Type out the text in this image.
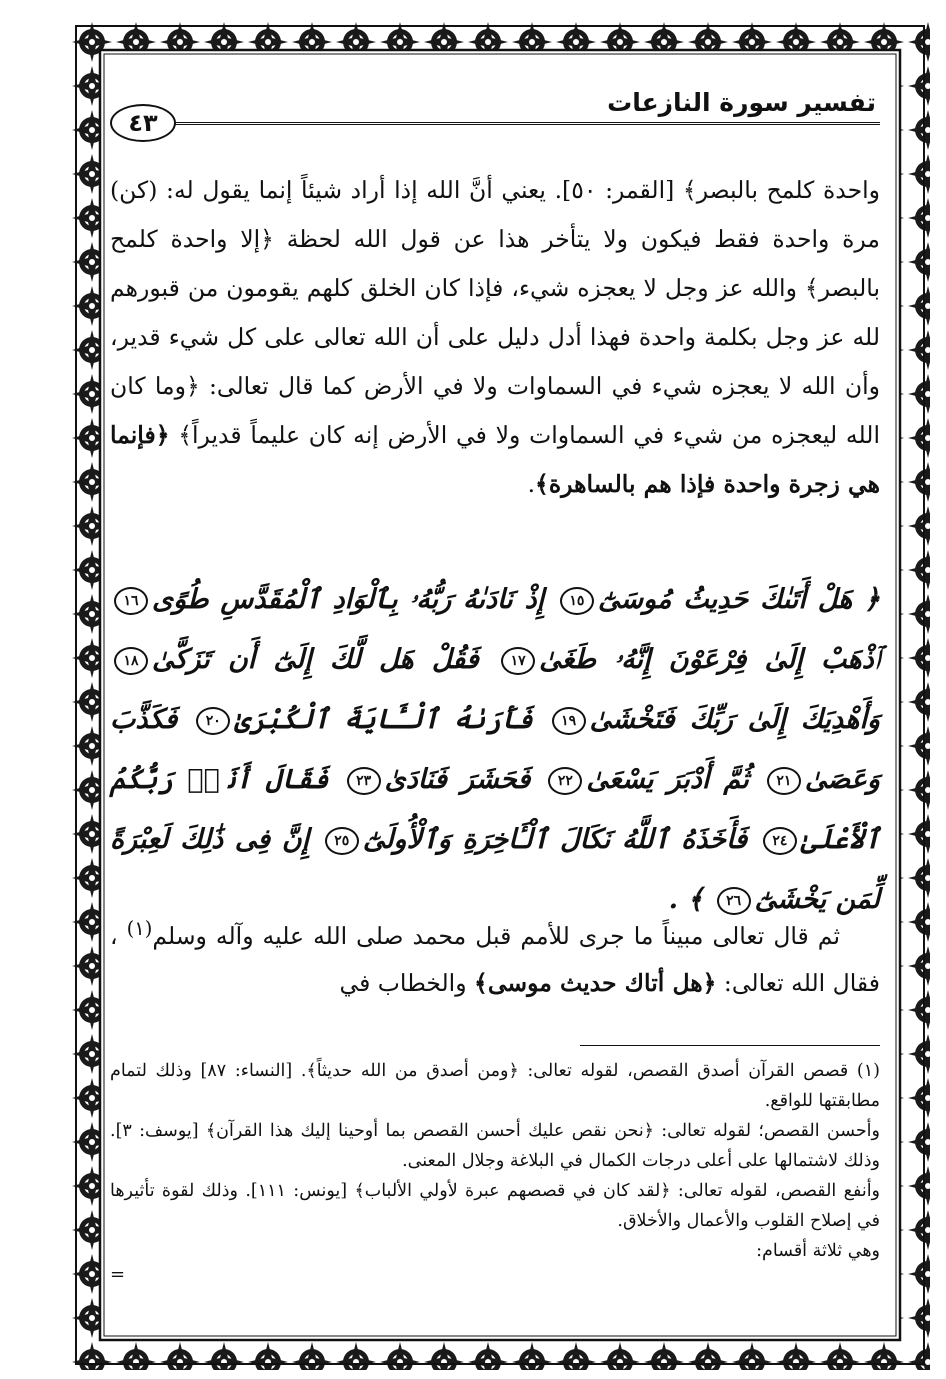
تفسير سورة النازعات
٤٣

واحدة كلمح بالبصر﴾ [القمر: ٥٠]. يعني أنَّ الله إذا أراد شيئاً إنما يقول له: (كن) مرة واحدة فقط فيكون ولا يتأخر هذا عن قول الله لحظة ﴿إلا واحدة كلمح بالبصر﴾ والله عز وجل لا يعجزه شيء، فإذا كان الخلق كلهم يقومون من قبورهم لله عز وجل بكلمة واحدة فهذا أدل دليل على أن الله تعالى على كل شيء قدير، وأن الله لا يعجزه شيء في السماوات ولا في الأرض كما قال تعالى: ﴿وما كان الله ليعجزه من شيء في السماوات ولا في الأرض إنه كان عليماً قديراً﴾ ﴿فإنما هي زجرة واحدة فإذا هم بالساهرة﴾.

﴿ هَلْ أَتَىٰكَ حَدِيثُ مُوسَىٰٓ١٥ إِذْ نَادَىٰهُ رَبُّهُۥ بِٱلْوَادِ ٱلْمُقَدَّسِ طُوًى١٦ ٱذْهَبْ إِلَىٰ فِرْعَوْنَ إِنَّهُۥ طَغَىٰ١٧ فَقُلْ هَل لَّكَ إِلَىٰٓ أَن تَزَكَّىٰ١٨ وَأَهْدِيَكَ إِلَىٰ رَبِّكَ فَتَخْشَىٰ١٩ فَأَرَىٰهُ ٱلْـَٔايَةَ ٱلْكُبْرَىٰ٢٠ فَكَذَّبَ وَعَصَىٰ٢١ ثُمَّ أَدْبَرَ يَسْعَىٰ٢٢ فَحَشَرَ فَنَادَىٰ٢٣ فَقَالَ أَنَا۠ رَبُّكُمُ ٱلْأَعْلَىٰ٢٤ فَأَخَذَهُ ٱللَّهُ نَكَالَ ٱلْـَٔاخِرَةِ وَٱلْأُولَىٰٓ٢٥ إِنَّ فِى ذَٰلِكَ لَعِبْرَةً لِّمَن يَخْشَىٰٓ٢٦ ﴾ .

ثم قال تعالى مبيناً ما جرى للأمم قبل محمد صلى الله عليه وآله وسلم$^{(١)}$ ، فقال الله تعالى: ﴿هل أتاك حديث موسى﴾ والخطاب في

(١) قصص القرآن أصدق القصص، لقوله تعالى: ﴿ومن أصدق من الله حديثاً﴾. [النساء: ٨٧] وذلك لتمام مطابقتها للواقع.

وأحسن القصص؛ لقوله تعالى: ﴿نحن نقص عليك أحسن القصص بما أوحينا إليك هذا القرآن﴾ [يوسف: ٣]. وذلك لاشتمالها على أعلى درجات الكمال في البلاغة وجلال المعنى.

وأنفع القصص، لقوله تعالى: ﴿لقد كان في قصصهم عبرة لأولي الألباب﴾ [يونس: ١١١]. وذلك لقوة تأثيرها في إصلاح القلوب والأعمال والأخلاق.

وهي ثلاثة أقسام:

=
